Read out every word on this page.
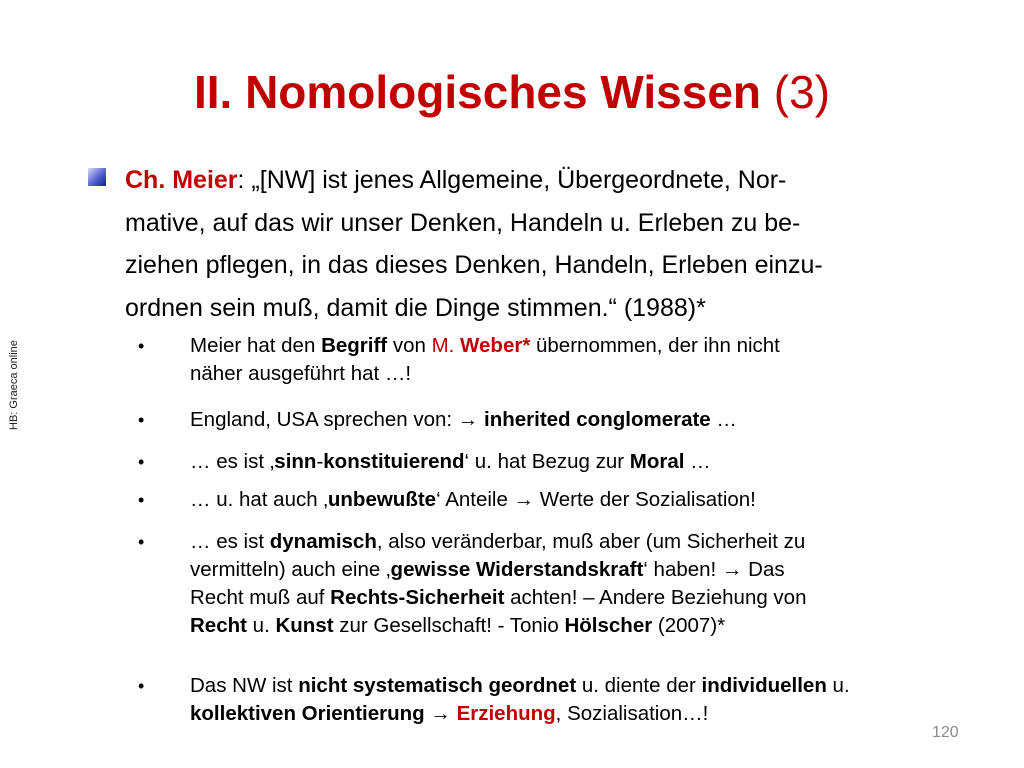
II. Nomologisches Wissen (3)
HB: Graeca online
Ch. Meier: „[NW] ist jenes Allgemeine, Übergeordnete, Nor-
mative, auf das wir unser Denken, Handeln u. Erleben zu be-
ziehen pflegen, in das dieses Denken, Handeln, Erleben einzu-
ordnen sein muß, damit die Dinge stimmen.“ (1988)*
• Meier hat den Begriff von M. Weber* übernommen, der ihn nicht
näher ausgeführt hat …!
• England, USA sprechen von: → inherited conglomerate …
• … es ist ‚sinn-konstituierend‘ u. hat Bezug zur Moral …
• … u. hat auch ‚unbewußte‘ Anteile → Werte der Sozialisation!
• … es ist dynamisch, also veränderbar, muß aber (um Sicherheit zu
vermitteln) auch eine ‚gewisse Widerstandskraft‘ haben! → Das
Recht muß auf Rechts-Sicherheit achten! – Andere Beziehung von
Recht u. Kunst zur Gesellschaft! - Tonio Hölscher (2007)*
• Das NW ist nicht systematisch geordnet u. diente der individuellen u.
kollektiven Orientierung → Erziehung, Sozialisation…!
120
